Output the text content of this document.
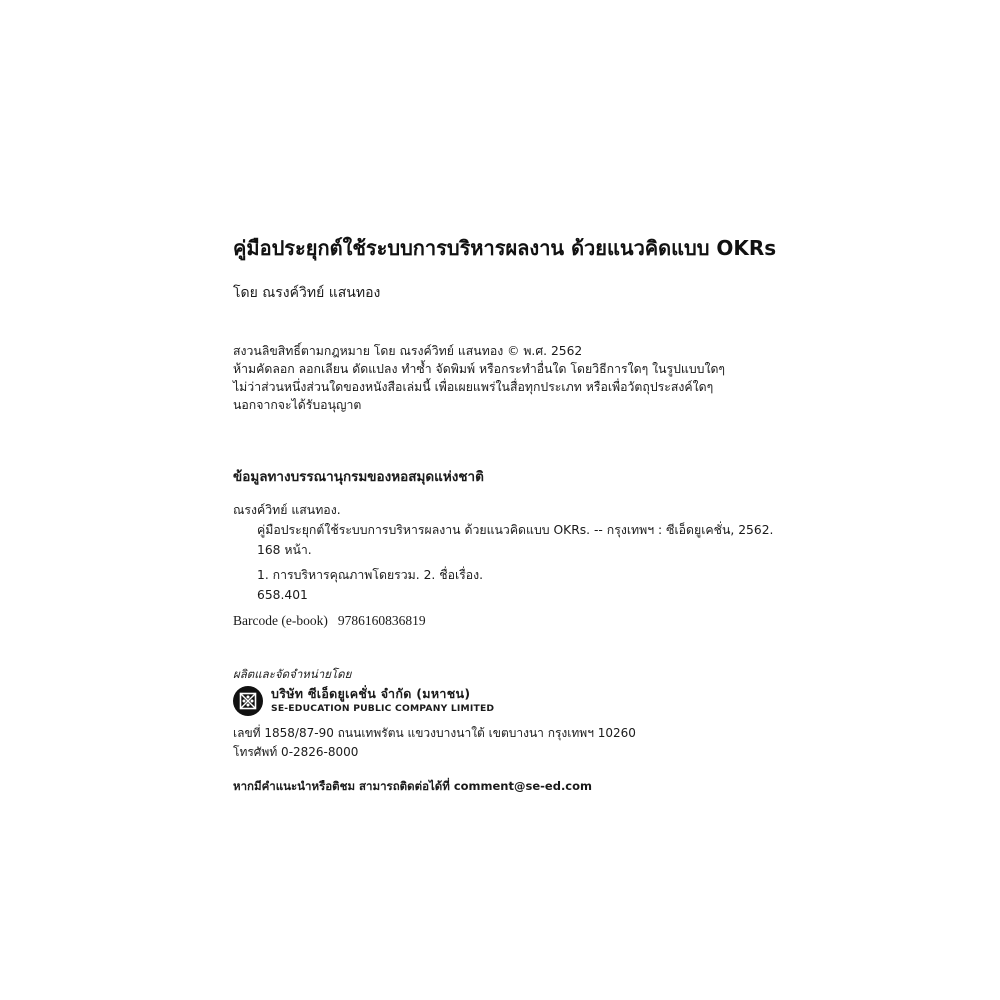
คู่มือประยุกต์ใช้ระบบการบริหารผลงาน ด้วยแนวคิดแบบ OKRs
โดย ณรงค์วิทย์ แสนทอง
สงวนลิขสิทธิ์ตามกฎหมาย โดย ณรงค์วิทย์ แสนทอง © พ.ศ. 2562
ห้ามคัดลอก ลอกเลียน ดัดแปลง ทำซ้ำ จัดพิมพ์ หรือกระทำอื่นใด โดยวิธีการใดๆ ในรูปแบบใดๆ
ไม่ว่าส่วนหนึ่งส่วนใดของหนังสือเล่มนี้ เพื่อเผยแพร่ในสื่อทุกประเภท หรือเพื่อวัตถุประสงค์ใดๆ
นอกจากจะได้รับอนุญาต
ข้อมูลทางบรรณานุกรมของหอสมุดแห่งชาติ
ณรงค์วิทย์ แสนทอง.
คู่มือประยุกต์ใช้ระบบการบริหารผลงาน ด้วยแนวคิดแบบ OKRs. -- กรุงเทพฯ : ซีเอ็ดยูเคชั่น, 2562.
168 หน้า.
1. การบริหารคุณภาพโดยรวม. 2. ชื่อเรื่อง.
658.401
Barcode (e-book) 9786160836819
ผลิตและจัดจำหน่ายโดย
บริษัท ซีเอ็ดยูเคชั่น จำกัด (มหาชน)
SE-EDUCATION PUBLIC COMPANY LIMITED
เลขที่ 1858/87-90 ถนนเทพรัตน แขวงบางนาใต้ เขตบางนา กรุงเทพฯ 10260
โทรศัพท์ 0-2826-8000
หากมีคำแนะนำหรือติชม สามารถติดต่อได้ที่ comment@se-ed.com
